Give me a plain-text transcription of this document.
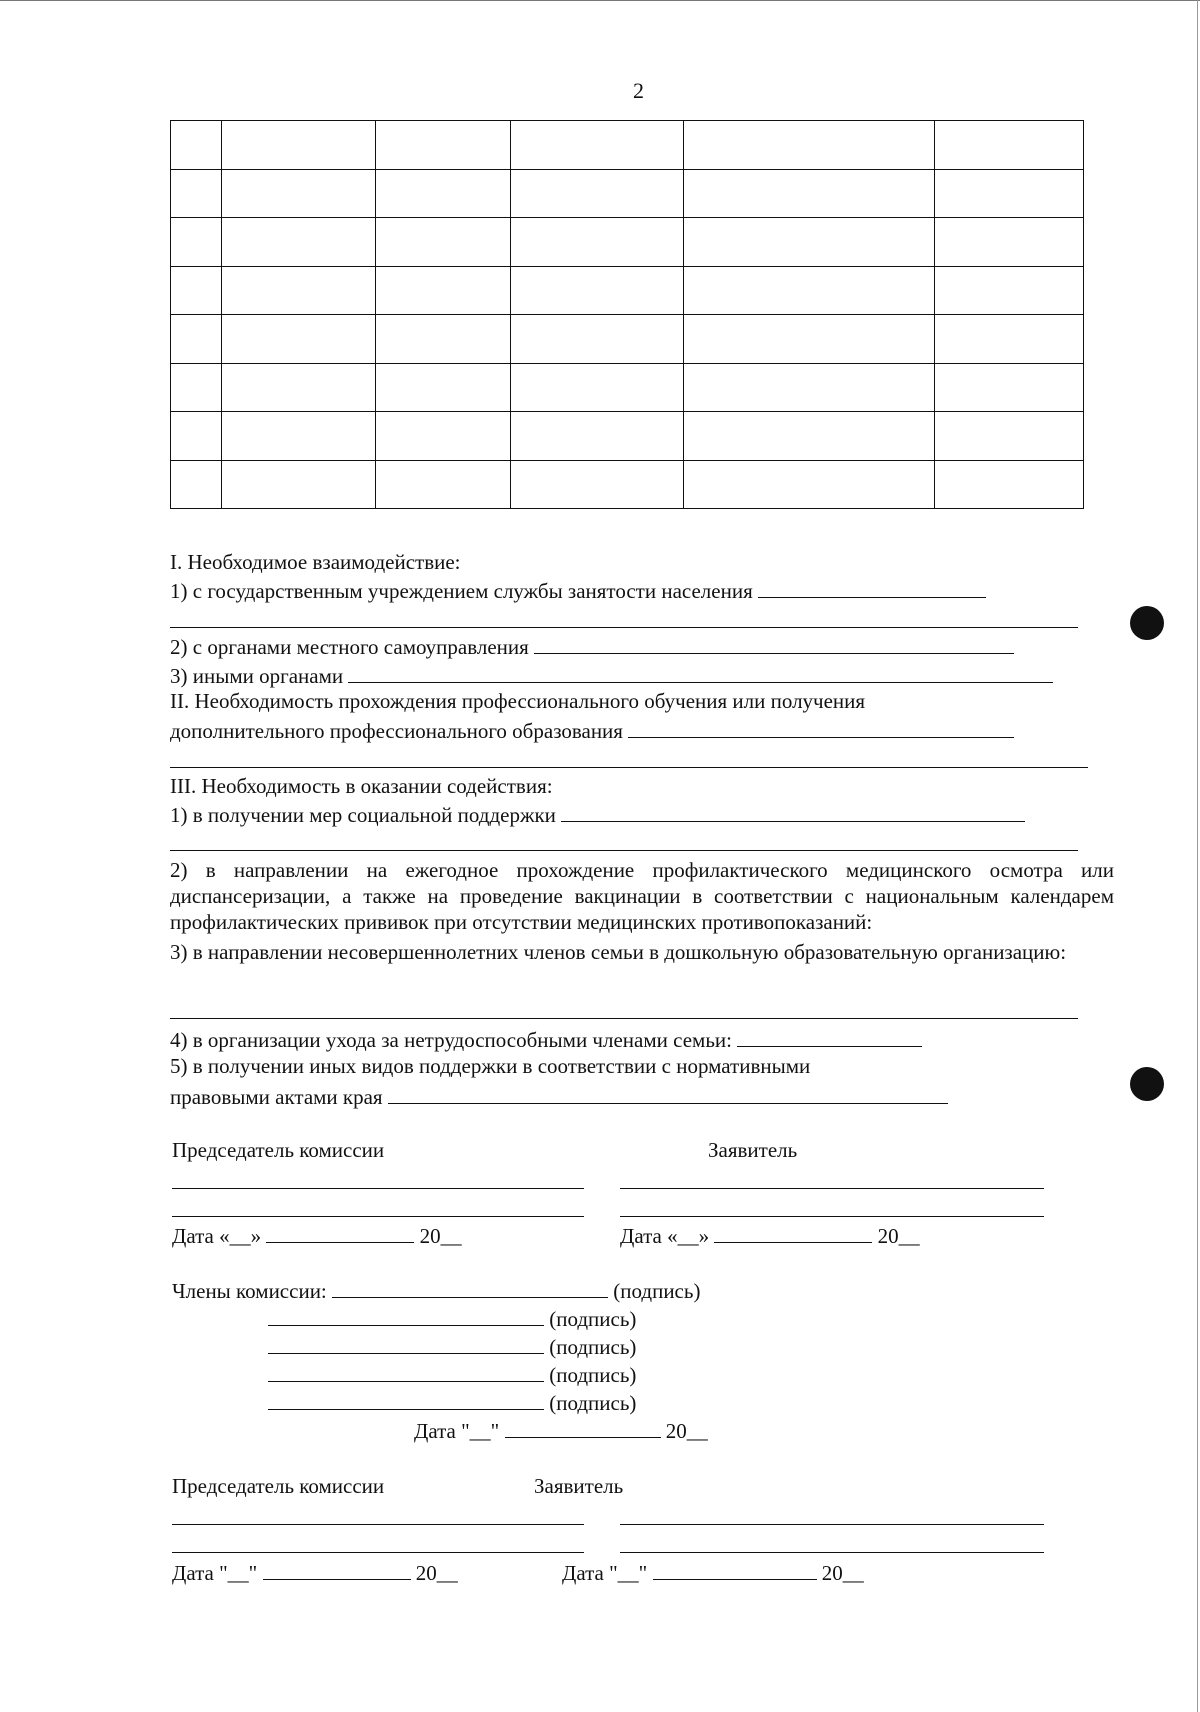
2

I. Необходимое взаимодействие:
1) с государственным учреждением службы занятости населения
2) с органами местного самоуправления
3) иными органами
II. Необходимость прохождения профессионального обучения или получения
дополнительного профессионального образования
III. Необходимость в оказании содействия:
1) в получении мер социальной поддержки
2) в направлении на ежегодное прохождение профилактического медицинского осмотра или диспансеризации, а также на проведение вакцинации в соответствии с национальным календарем профилактических прививок при отсутствии медицинских противопоказаний:
3) в направлении несовершеннолетних членов семьи в дошкольную образовательную организацию:
4) в организации ухода за нетрудоспособными членами семьи:
5) в получении иных видов поддержки в соответствии с нормативными
правовыми актами края
Председатель комиссии	Заявитель
Дата «__»	20__	Дата «__»	20__
Члены комиссии:	(подпись)
(подпись)
(подпись)
(подпись)
(подпись)
Дата "__"	20__
Председатель комиссии	Заявитель
Дата "__"	20__	Дата "__"	20__
